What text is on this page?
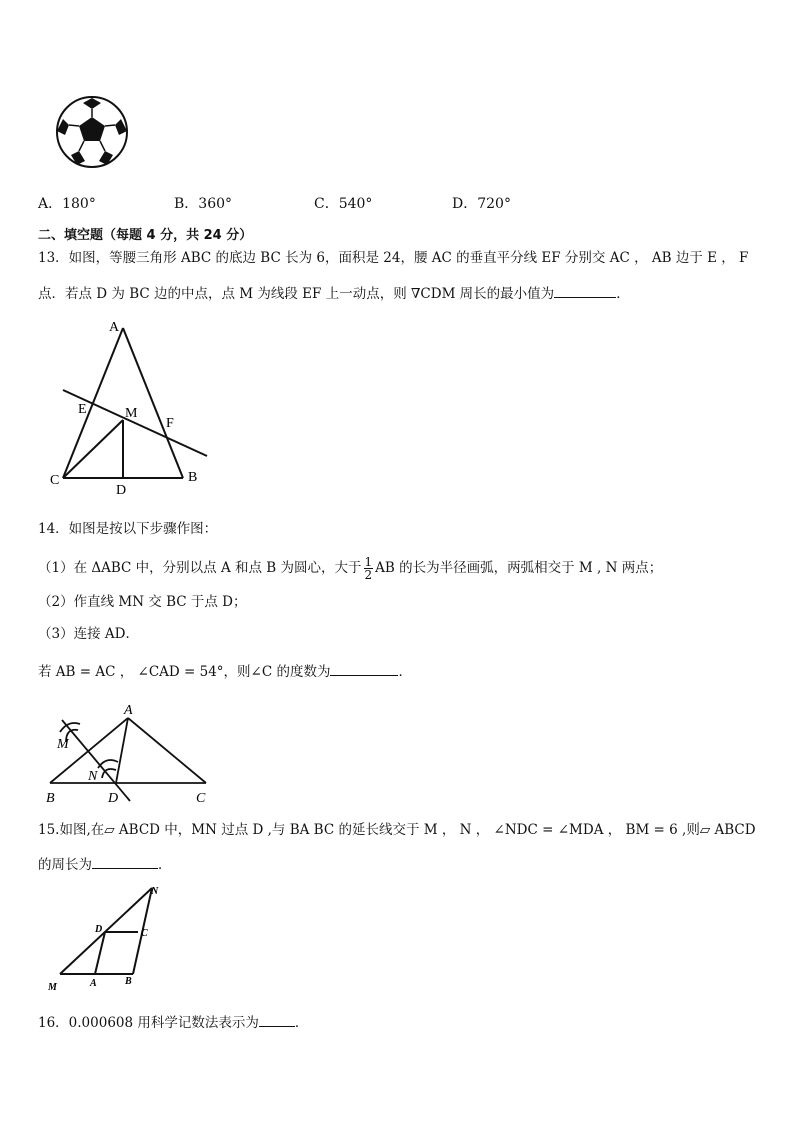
A．180°	B．360°	C．540°	D．720°
二、填空题（每题 4 分，共 24 分）
13．如图，等腰三角形 ABC 的底边 BC 长为 6，面积是 24，腰 AC 的垂直平分线 EF 分别交 AC ， AB 边于 E ， F
点．若点 D 为 BC 边的中点，点 M 为线段 EF 上一动点，则 ∇CDM 周长的最小值为	．
A
E	M
F
C
D
B
14．如图是按以下步骤作图：
（1）在 ΔABC 中，分别以点 A 和点 B 为圆心，大于 $\frac{1}{2}$ AB 的长为半径画弧，两弧相交于 M , N 两点；
（2）作直线 MN 交 BC 于点 D；
（3）连接 AD．
若 AB = AC ， ∠CAD = 54°，则∠C 的度数为	．
A
M
N
B	D	C
15.如图,在▱ ABCD 中，MN 过点 D ,与 BA BC 的延长线交于 M ， N ， ∠NDC = ∠MDA ， BM = 6 ,则▱ ABCD
的周长为	．
N
D	C
M	A	B
16．0.000608 用科学记数法表示为	．
